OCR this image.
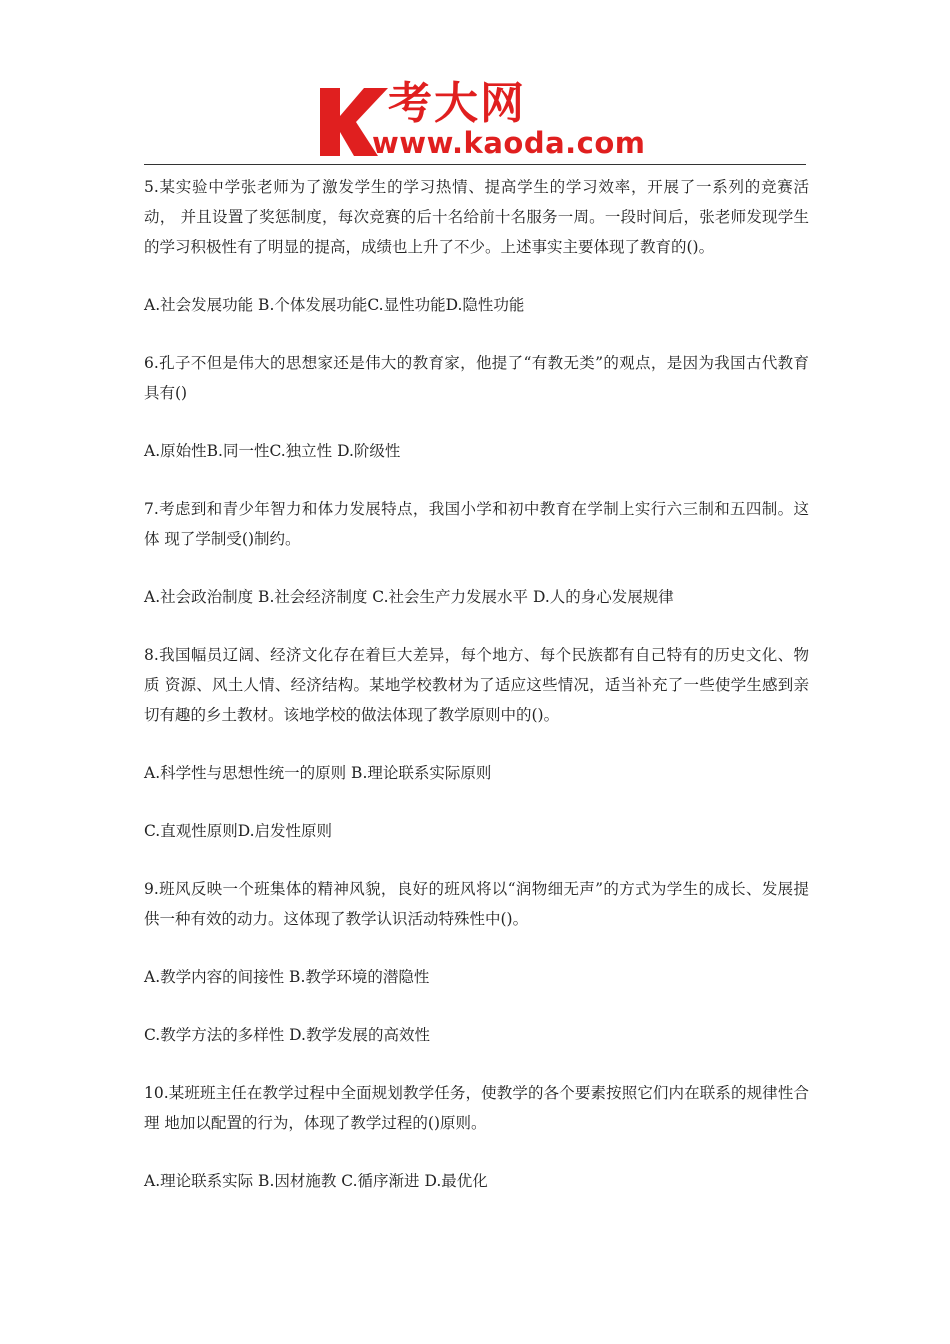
考大网
www.kaoda.com

5.某实验中学张老师为了激发学生的学习热情、提高学生的学习效率，开展了一系列的竞赛活动， 并且设置了奖惩制度，每次竞赛的后十名给前十名服务一周。一段时间后，张老师发现学生的学习积极性有了明显的提高，成绩也上升了不少。上述事实主要体现了教育的()。

A.社会发展功能 B.个体发展功能C.显性功能D.隐性功能

6.孔子不但是伟大的思想家还是伟大的教育家，他提了“有教无类”的观点，是因为我国古代教育 具有()

A.原始性B.同一性C.独立性 D.阶级性

7.考虑到和青少年智力和体力发展特点，我国小学和初中教育在学制上实行六三制和五四制。这体 现了学制受()制约。

A.社会政治制度 B.社会经济制度 C.社会生产力发展水平 D.人的身心发展规律

8.我国幅员辽阔、经济文化存在着巨大差异，每个地方、每个民族都有自己特有的历史文化、物质 资源、风土人情、经济结构。某地学校教材为了适应这些情况，适当补充了一些使学生感到亲切有趣的乡土教材。该地学校的做法体现了教学原则中的()。

A.科学性与思想性统一的原则 B.理论联系实际原则

C.直观性原则D.启发性原则

9.班风反映一个班集体的精神风貌，良好的班风将以“润物细无声”的方式为学生的成长、发展提供一种有效的动力。这体现了教学认识活动特殊性中()。

A.教学内容的间接性 B.教学环境的潜隐性

C.教学方法的多样性 D.教学发展的高效性

10.某班班主任在教学过程中全面规划教学任务，使教学的各个要素按照它们内在联系的规律性合理 地加以配置的行为，体现了教学过程的()原则。

A.理论联系实际 B.因材施教 C.循序渐进 D.最优化
